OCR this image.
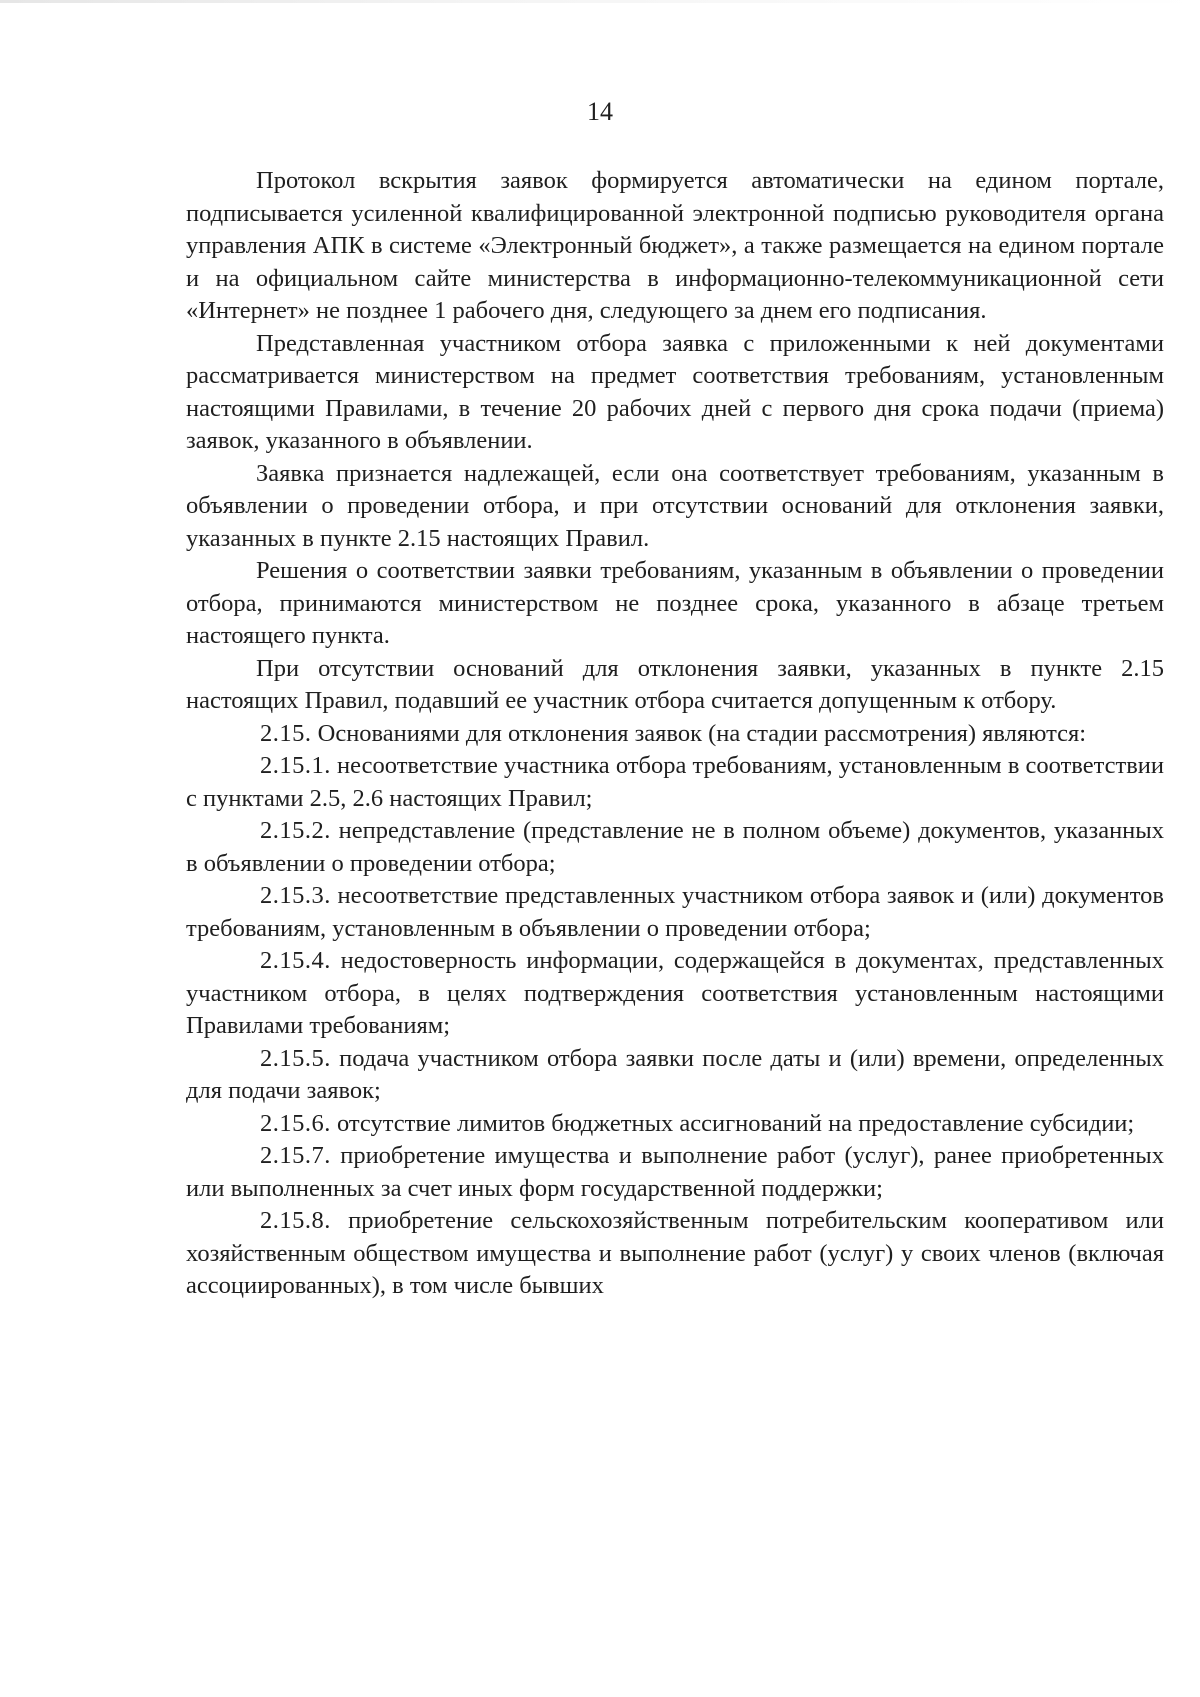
14

Протокол вскрытия заявок формируется автоматически на едином портале, подписывается усиленной квалифицированной электронной подписью руководителя органа управления АПК в системе «Электронный бюджет», а также размещается на едином портале и на официальном сайте министерства в информационно-телекоммуникационной сети «Интернет» не позднее 1 рабочего дня, следующего за днем его подписания.

Представленная участником отбора заявка с приложенными к ней документами рассматривается министерством на предмет соответствия требованиям, установленным настоящими Правилами, в течение 20 рабочих дней с первого дня срока подачи (приема) заявок, указанного в объявлении.

Заявка признается надлежащей, если она соответствует требованиям, указанным в объявлении о проведении отбора, и при отсутствии оснований для отклонения заявки, указанных в пункте 2.15 настоящих Правил.

Решения о соответствии заявки требованиям, указанным в объявлении о проведении отбора, принимаются министерством не позднее срока, указанного в абзаце третьем настоящего пункта.

При отсутствии оснований для отклонения заявки, указанных в пункте 2.15 настоящих Правил, подавший ее участник отбора считается допущенным к отбору.

2.15. Основаниями для отклонения заявок (на стадии рассмотрения) являются:

2.15.1. несоответствие участника отбора требованиям, установленным в соответствии с пунктами 2.5, 2.6 настоящих Правил;

2.15.2. непредставление (представление не в полном объеме) документов, указанных в объявлении о проведении отбора;

2.15.3. несоответствие представленных участником отбора заявок и (или) документов требованиям, установленным в объявлении о проведении отбора;

2.15.4. недостоверность информации, содержащейся в документах, представленных участником отбора, в целях подтверждения соответствия установленным настоящими Правилами требованиям;

2.15.5. подача участником отбора заявки после даты и (или) времени, определенных для подачи заявок;

2.15.6. отсутствие лимитов бюджетных ассигнований на предоставление субсидии;

2.15.7. приобретение имущества и выполнение работ (услуг), ранее приобретенных или выполненных за счет иных форм государственной поддержки;

2.15.8. приобретение сельскохозяйственным потребительским кооперативом или хозяйственным обществом имущества и выполнение работ (услуг) у своих членов (включая ассоциированных), в том числе бывших
